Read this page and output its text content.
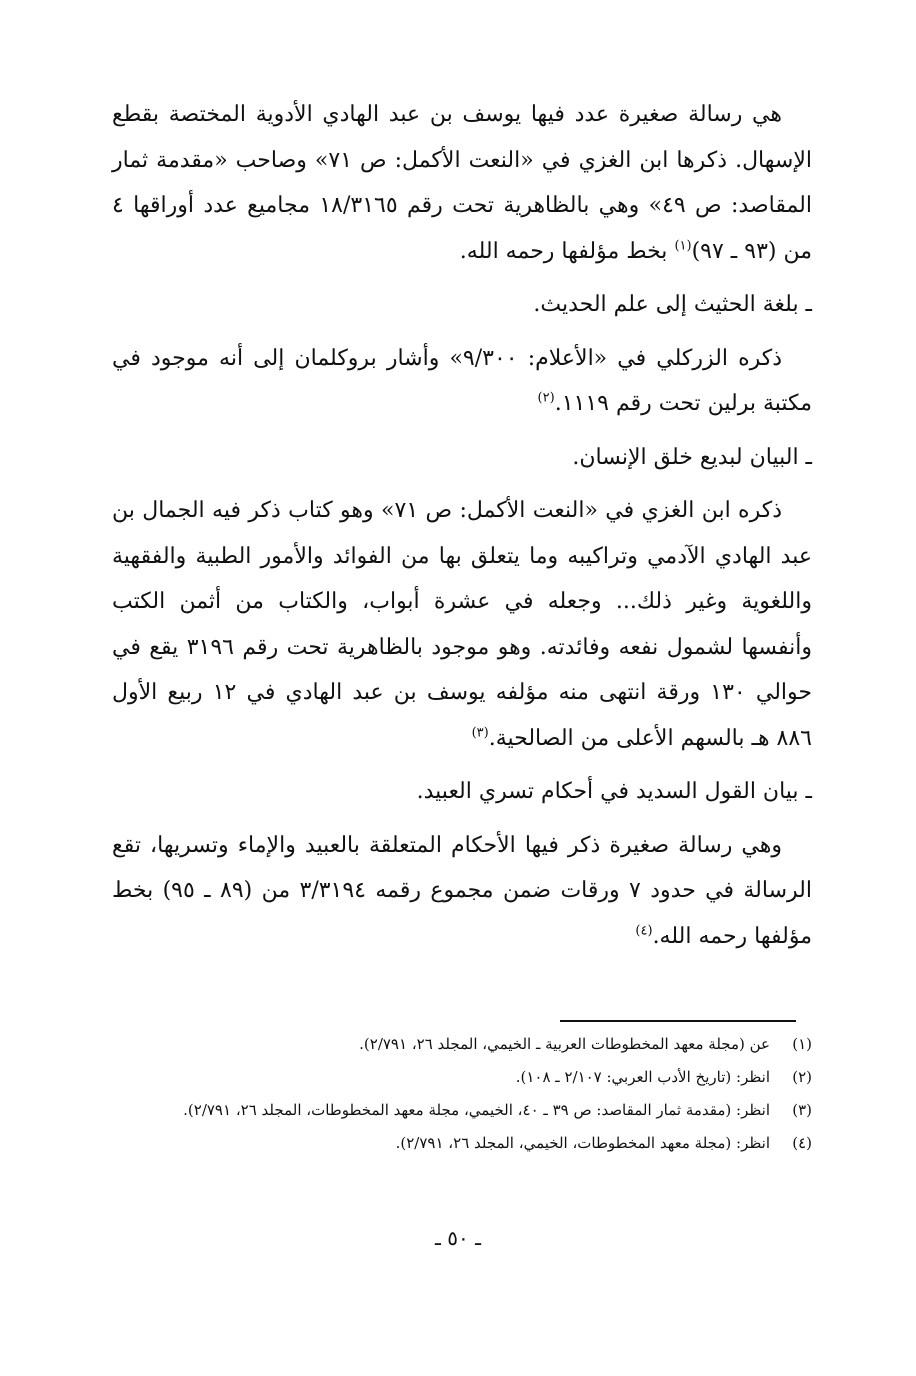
هي رسالة صغيرة عدد فيها يوسف بن عبد الهادي الأدوية المختصة بقطع الإسهال. ذكرها ابن الغزي في «النعت الأكمل: ص ٧١» وصاحب «مقدمة ثمار المقاصد: ص ٤٩» وهي بالظاهرية تحت رقم ١٨/٣١٦٥ مجاميع عدد أوراقها ٤ من (٩٣ ـ ٩٧)$^{(١)}$ بخط مؤلفها رحمه الله.

ـ بلغة الحثيث إلى علم الحديث.

ذكره الزركلي في «الأعلام: ٩/٣٠٠» وأشار بروكلمان إلى أنه موجود في مكتبة برلين تحت رقم ١١١٩.$^{(٢)}$

ـ البيان لبديع خلق الإنسان.

ذكره ابن الغزي في «النعت الأكمل: ص ٧١» وهو كتاب ذكر فيه الجمال بن عبد الهادي الآدمي وتراكيبه وما يتعلق بها من الفوائد والأمور الطبية والفقهية واللغوية وغير ذلك... وجعله في عشرة أبواب، والكتاب من أثمن الكتب وأنفسها لشمول نفعه وفائدته. وهو موجود بالظاهرية تحت رقم ٣١٩٦ يقع في حوالي ١٣٠ ورقة انتهى منه مؤلفه يوسف بن عبد الهادي في ١٢ ربيع الأول ٨٨٦ هـ بالسهم الأعلى من الصالحية.$^{(٣)}$

ـ بيان القول السديد في أحكام تسري العبيد.

وهي رسالة صغيرة ذكر فيها الأحكام المتعلقة بالعبيد والإماء وتسريها، تقع الرسالة في حدود ٧ ورقات ضمن مجموع رقمه ٣/٣١٩٤ من (٨٩ ـ ٩٥) بخط مؤلفها رحمه الله.$^{(٤)}$

(١)عن (مجلة معهد المخطوطات العربية ـ الخيمي، المجلد ٢٦، ٢/٧٩١).

(٢)انظر: (تاريخ الأدب العربي: ٢/١٠٧ ـ ١٠٨).

(٣)انظر: (مقدمة ثمار المقاصد: ص ٣٩ ـ ٤٠، الخيمي، مجلة معهد المخطوطات، المجلد ٢٦، ٢/٧٩١).

(٤)انظر: (مجلة معهد المخطوطات، الخيمي، المجلد ٢٦، ٢/٧٩١).

ـ ٥٠ ـ
